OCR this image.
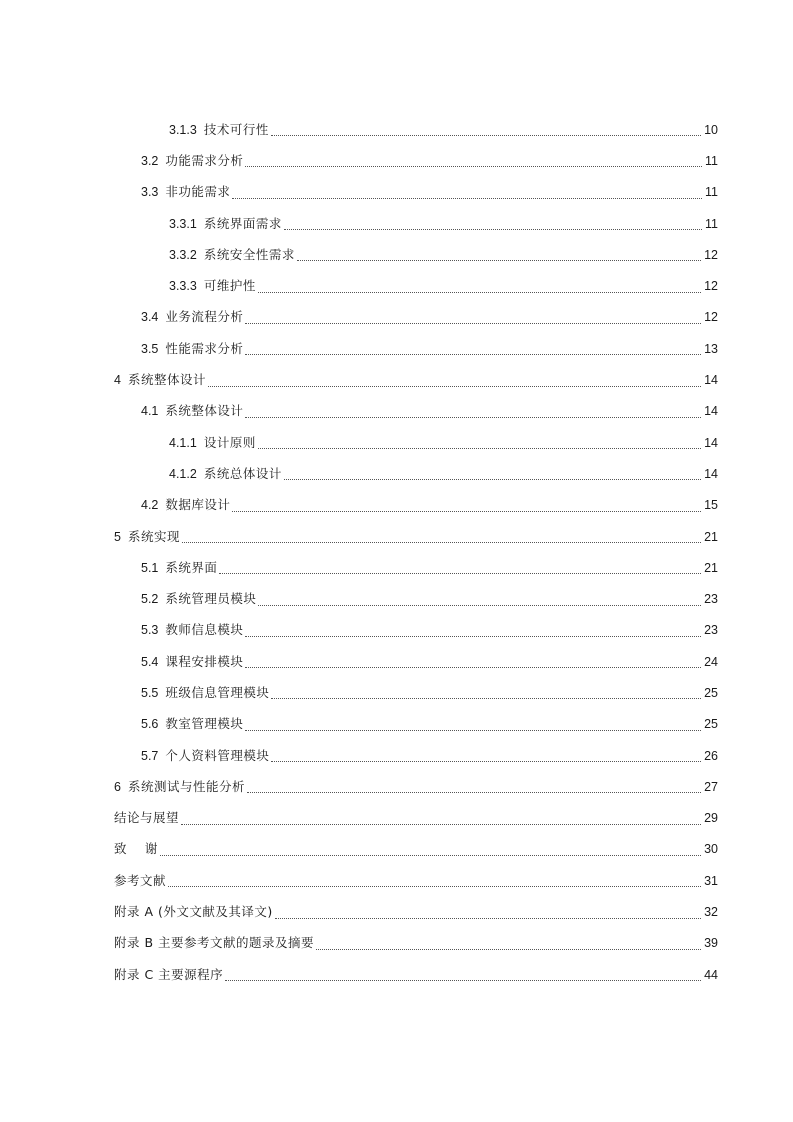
3.1.3 技术可行性	10
3.2 功能需求分析	11
3.3 非功能需求	11
3.3.1 系统界面需求	11
3.3.2 系统安全性需求	12
3.3.3 可维护性	12
3.4 业务流程分析	12
3.5 性能需求分析	13
4 系统整体设计	14
4.1 系统整体设计	14
4.1.1 设计原则	14
4.1.2 系统总体设计	14
4.2 数据库设计	15
5 系统实现	21
5.1 系统界面	21
5.2 系统管理员模块	23
5.3 教师信息模块	23
5.4 课程安排模块	24
5.5 班级信息管理模块	25
5.6 教室管理模块	25
5.7 个人资料管理模块	26
6 系统测试与性能分析	27
结论与展望	29
致    谢	30
参考文献	31
附录 A (外文文献及其译文)	32
附录 B 主要参考文献的题录及摘要	39
附录 C 主要源程序	44
